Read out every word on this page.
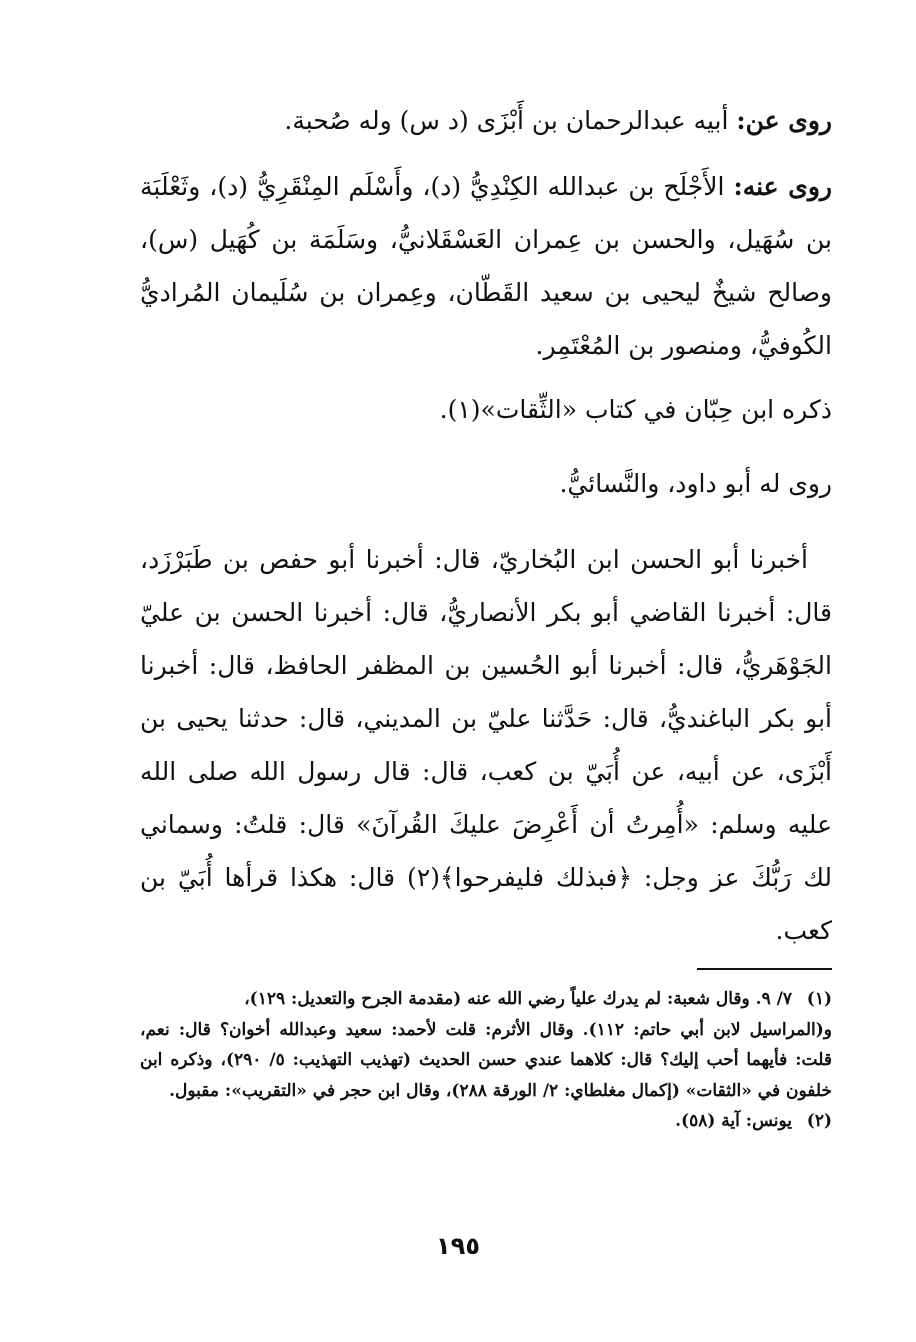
روى عن: أبيه عبدالرحمان بن أَبْزَى (د س) وله صُحبة.

روى عنه: الأَجْلَح بن عبدالله الكِنْدِيُّ (د)، وأَسْلَم المِنْقَرِيُّ (د)، وثَعْلَبَة بن سُهَيل، والحسن بن عِمران العَسْقَلانيُّ، وسَلَمَة بن كُهَيل (س)، وصالح شيخٌ ليحيى بن سعيد القَطّان، وعِمران بن سُلَيمان المُراديُّ الكُوفيُّ، ومنصور بن المُعْتَمِر.

ذكره ابن حِبّان في كتاب «الثِّقات»(١).

روى له أبو داود، والنَّسائيُّ.

أخبرنا أبو الحسن ابن البُخاريّ، قال: أخبرنا أبو حفص بن طَبَرْزَد، قال: أخبرنا القاضي أبو بكر الأنصاريُّ، قال: أخبرنا الحسن بن عليّ الجَوْهَريُّ، قال: أخبرنا أبو الحُسين بن المظفر الحافظ، قال: أخبرنا أبو بكر الباغنديُّ، قال: حَدَّثنا عليّ بن المديني، قال: حدثنا يحيى بن أَبْزَى، عن أبيه، عن أُبَيّ بن كعب، قال: قال رسول الله صلى الله عليه وسلم: «أُمِرتُ أن أَعْرِضَ عليكَ القُرآنَ» قال: قلتُ: وسماني لك رَبُّكَ عز وجل: ﴿فبذلك فليفرحوا﴾(٢) قال: هكذا قرأها أُبَيّ بن كعب.

(١)٧/ ٩. وقال شعبة: لم يدرك علياً رضي الله عنه (مقدمة الجرح والتعديل: ١٢٩)،

و(المراسيل لابن أبي حاتم: ١١٢). وقال الأثرم: قلت لأحمد: سعيد وعبدالله أخوان؟ قال: نعم، قلت: فأيهما أحب إليك؟ قال: كلاهما عندي حسن الحديث (تهذيب التهذيب: ٥/ ٢٩٠)، وذكره ابن خلفون في «الثقات» (إكمال مغلطاي: ٢/ الورقة ٢٨٨)، وقال ابن حجر في «التقريب»: مقبول.

(٢)يونس: آية (٥٨).

١٩٥
